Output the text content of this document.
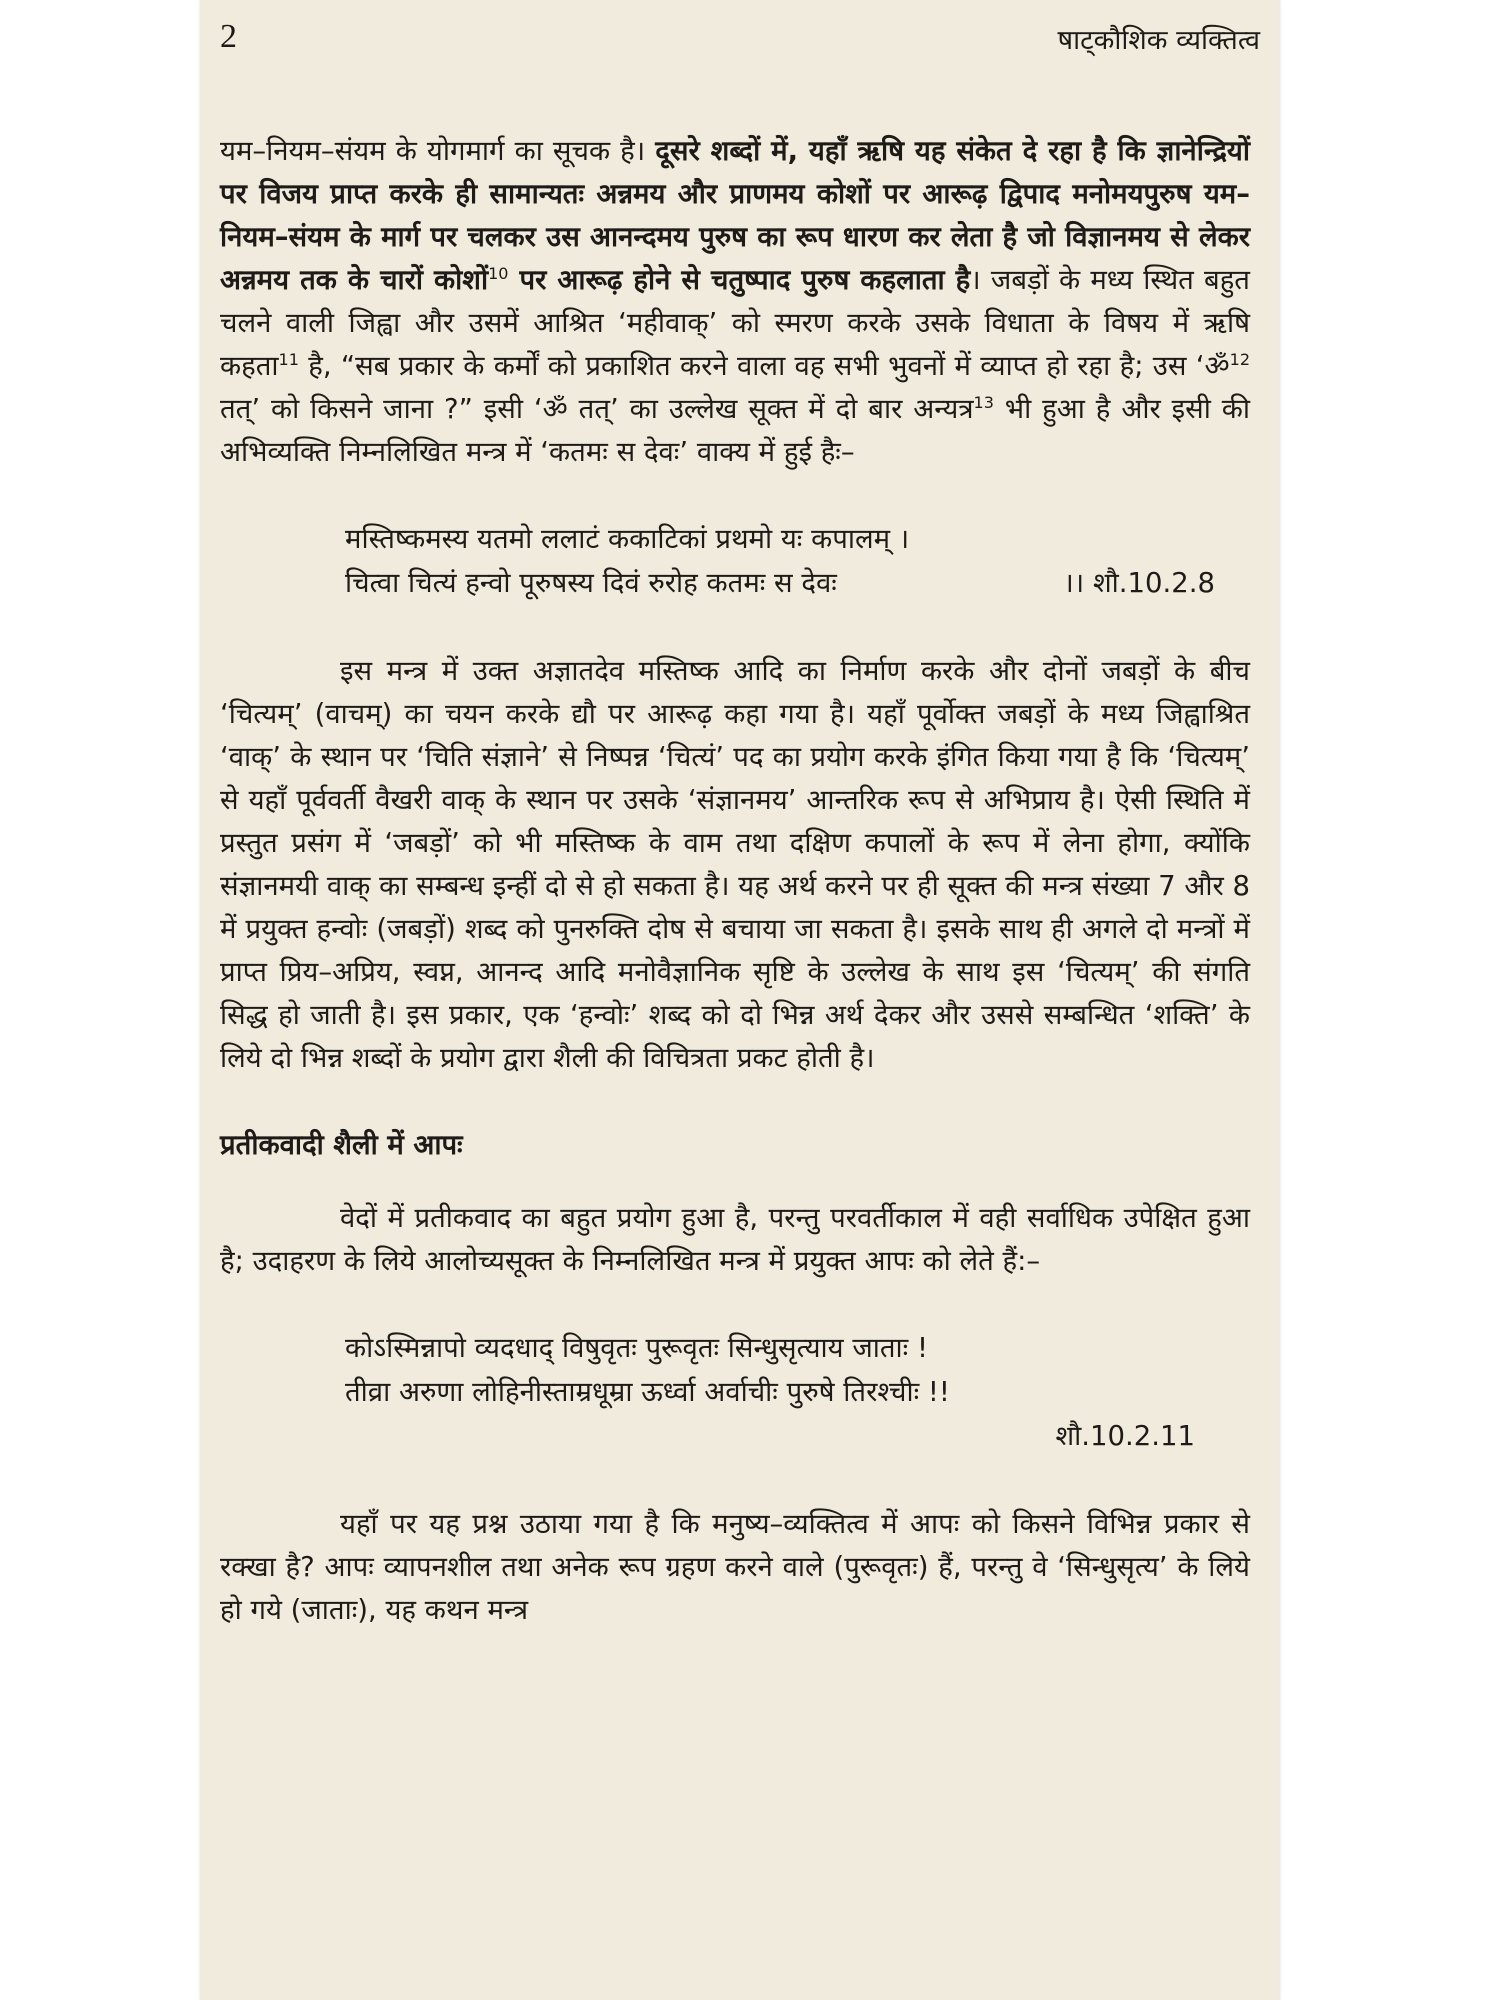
2	षाट्कौशिक व्यक्तित्व

यम–नियम–संयम के योगमार्ग का सूचक है। दूसरे शब्दों में, यहाँ ऋषि यह संकेत दे रहा है कि ज्ञानेन्द्रियों पर विजय प्राप्त करके ही सामान्यतः अन्नमय और प्राणमय कोशों पर आरूढ़ द्विपाद मनोमयपुरुष यम–नियम–संयम के मार्ग पर चलकर उस आनन्दमय पुरुष का रूप धारण कर लेता है जो विज्ञानमय से लेकर अन्नमय तक के चारों कोशों$^{10}$ पर आरूढ़ होने से चतुष्पाद पुरुष कहलाता है। जबड़ों के मध्य स्थित बहुत चलने वाली जिह्वा और उसमें आश्रित ‘महीवाक्’ को स्मरण करके उसके विधाता के विषय में ऋषि कहता$^{11}$ है, “सब प्रकार के कर्मों को प्रकाशित करने वाला वह सभी भुवनों में व्याप्त हो रहा है; उस ‘ॐ$^{12}$ तत्’ को किसने जाना ?” इसी ‘ॐ तत्’ का उल्लेख सूक्त में दो बार अन्यत्र$^{13}$ भी हुआ है और इसी की अभिव्यक्ति निम्नलिखित मन्त्र में ‘कतमः स देवः’ वाक्य में हुई हैः–

मस्तिष्कमस्य यतमो ललाटं ककाटिकां प्रथमो यः कपालम् ।
चित्वा चित्यं हन्वो पूरुषस्य दिवं रुरोह कतमः स देवः	।। शौ.10.2.8

इस मन्त्र में उक्त अज्ञातदेव मस्तिष्क आदि का निर्माण करके और दोनों जबड़ों के बीच ‘चित्यम्’ (वाचम्) का चयन करके द्यौ पर आरूढ़ कहा गया है। यहाँ पूर्वोक्त जबड़ों के मध्य जिह्वाश्रित ‘वाक्’ के स्थान पर ‘चिति संज्ञाने’ से निष्पन्न ‘चित्यं’ पद का प्रयोग करके इंगित किया गया है कि ‘चित्यम्’ से यहाँ पूर्ववर्ती वैखरी वाक् के स्थान पर उसके ‘संज्ञानमय’ आन्तरिक रूप से अभिप्राय है। ऐसी स्थिति में प्रस्तुत प्रसंग में ‘जबड़ों’ को भी मस्तिष्क के वाम तथा दक्षिण कपालों के रूप में लेना होगा, क्योंकि संज्ञानमयी वाक् का सम्बन्ध इन्हीं दो से हो सकता है। यह अर्थ करने पर ही सूक्त की मन्त्र संख्या 7 और 8 में प्रयुक्त हन्वोः (जबड़ों) शब्द को पुनरुक्ति दोष से बचाया जा सकता है। इसके साथ ही अगले दो मन्त्रों में प्राप्त प्रिय–अप्रिय, स्वप्न, आनन्द आदि मनोवैज्ञानिक सृष्टि के उल्लेख के साथ इस ‘चित्यम्’ की संगति सिद्ध हो जाती है। इस प्रकार, एक ‘हन्वोः’ शब्द को दो भिन्न अर्थ देकर और उससे सम्बन्धित ‘शक्ति’ के लिये दो भिन्न शब्दों के प्रयोग द्वारा शैली की विचित्रता प्रकट होती है।

प्रतीकवादी शैली में आपः

वेदों में प्रतीकवाद का बहुत प्रयोग हुआ है, परन्तु परवर्तीकाल में वही सर्वाधिक उपेक्षित हुआ है; उदाहरण के लिये आलोच्यसूक्त के निम्नलिखित मन्त्र में प्रयुक्त आपः को लेते हैं:–

कोऽस्मिन्नापो व्यदधाद् विषुवृतः पुरूवृतः सिन्धुसृत्याय जाताः !
तीव्रा अरुणा लोहिनीस्ताम्रधूम्रा ऊर्ध्वा अर्वाचीः पुरुषे तिरश्चीः !!
शौ.10.2.11

यहाँ पर यह प्रश्न उठाया गया है कि मनुष्य–व्यक्तित्व में आपः को किसने विभिन्न प्रकार से रक्खा है? आपः व्यापनशील तथा अनेक रूप ग्रहण करने वाले (पुरूवृतः) हैं, परन्तु वे ‘सिन्धुसृत्य’ के लिये हो गये (जाताः), यह कथन मन्त्र
